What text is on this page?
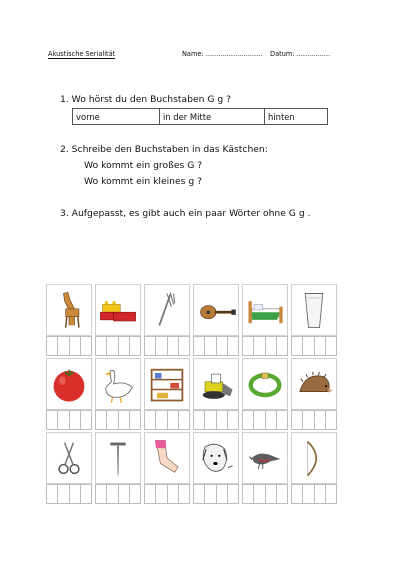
Akustische Serialität	Name: ........................... Datum: ................
1. Wo hörst du den Buchstaben G g ?
vorne	in der Mitte	hinten
2. Schreibe den Buchstaben in das Kästchen:
Wo kommt ein großes G ?
Wo kommt ein kleines g ?
3. Aufgepasst, es gibt auch ein paar Wörter ohne G g .
